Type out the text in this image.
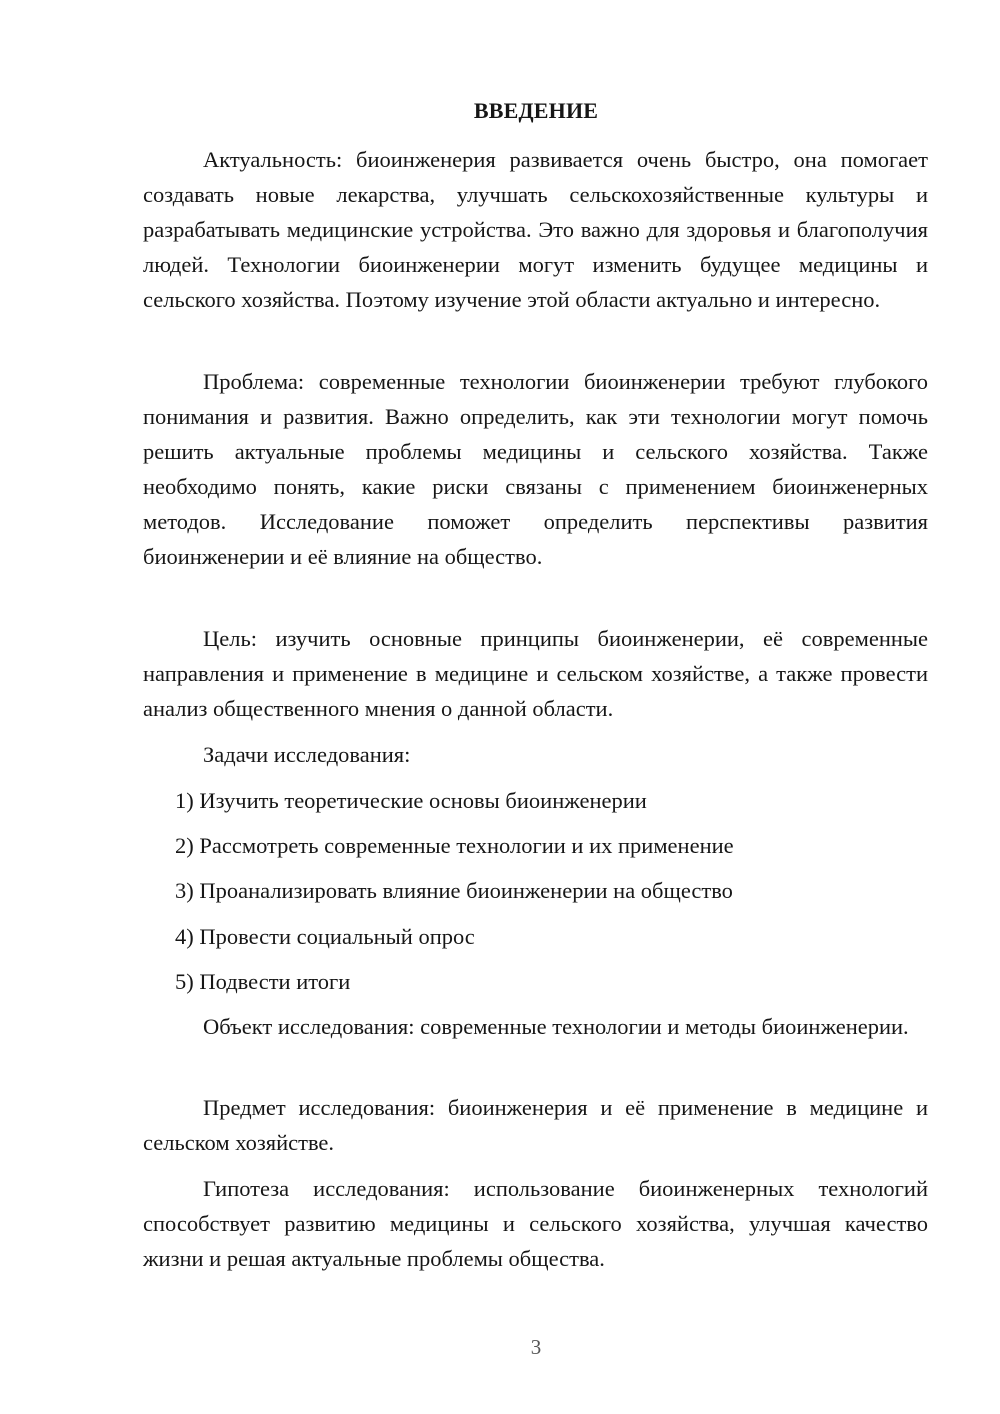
ВВЕДЕНИЕ

Актуальность: биоинженерия развивается очень быстро, она помогает создавать новые лекарства, улучшать сельскохозяйственные культуры и разрабатывать медицинские устройства. Это важно для здоровья и благополучия людей. Технологии биоинженерии могут изменить будущее медицины и сельского хозяйства. Поэтому изучение этой области актуально и интересно.

Проблема: современные технологии биоинженерии требуют глубокого понимания и развития. Важно определить, как эти технологии могут помочь решить актуальные проблемы медицины и сельского хозяйства. Также необходимо понять, какие риски связаны с применением биоинженерных методов. Исследование поможет определить перспективы развития биоинженерии и её влияние на общество.

Цель: изучить основные принципы биоинженерии, её современные направления и применение в медицине и сельском хозяйстве, а также провести анализ общественного мнения о данной области.

Задачи исследования:
1) Изучить теоретические основы биоинженерии
2) Рассмотреть современные технологии и их применение
3) Проанализировать влияние биоинженерии на общество
4) Провести социальный опрос
5) Подвести итоги

Объект исследования: современные технологии и методы биоинженерии.

Предмет исследования: биоинженерия и её применение в медицине и сельском хозяйстве.

Гипотеза исследования: использование биоинженерных технологий способствует развитию медицины и сельского хозяйства, улучшая качество жизни и решая актуальные проблемы общества.

3
